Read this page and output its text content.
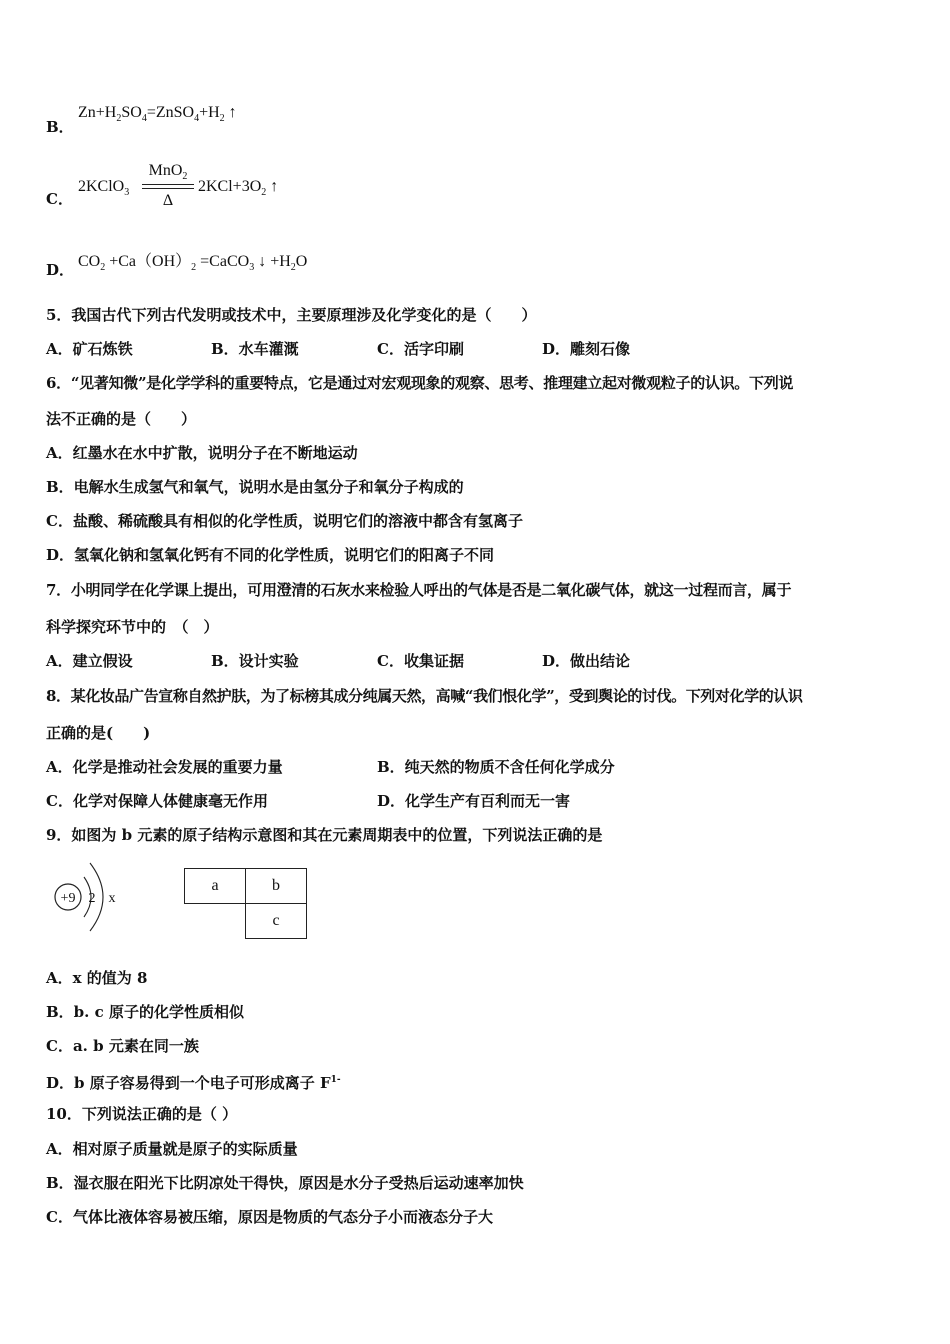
B．
$Zn+H_2SO_4=ZnSO_4+H_2$ ↑
C．
2KClO$_3$
MnO$_2$
Δ
$2KCl+3O_2$ ↑
D． $CO_2 +Ca(OH)_2$ =CaCO$_3$ ↓ $+H_2O$
5．我国古代下列古代发明或技术中，主要原理涉及化学变化的是（　　）
A．矿石炼铁	B．水车灌溉	C．活字印刷	D．雕刻石像
6．“见著知微”是化学学科的重要特点，它是通过对宏观现象的观察、思考、推理建立起对微观粒子的认识。下列说
法不正确的是（　　）
A．红墨水在水中扩散，说明分子在不断地运动
B．电解水生成氢气和氧气，说明水是由氢分子和氧分子构成的
C．盐酸、稀硫酸具有相似的化学性质，说明它们的溶液中都含有氢离子
D．氢氧化钠和氢氧化钙有不同的化学性质，说明它们的阳离子不同
7．小明同学在化学课上提出，可用澄清的石灰水来检验人呼出的气体是否是二氧化碳气体，就这一过程而言，属于
科学探究环节中的　（　）
A．建立假设	B．设计实验	C．收集证据	D．做出结论
8．某化妆品广告宣称自然护肤，为了标榜其成分纯属天然，高喊“我们恨化学”，受到舆论的讨伐。下列对化学的认识
正确的是(　　)
A．化学是推动社会发展的重要力量	B．纯天然的物质不含任何化学成分
C．化学对保障人体健康毫无作用	D．化学生产有百利而无一害
9．如图为 b 元素的原子结构示意图和其在元素周期表中的位置，下列说法正确的是
+9 2 x
a	b
	c
A．x 的值为 8
B．b. c 原子的化学性质相似
C．a. b 元素在同一族
D．b 原子容易得到一个电子可形成离子 $F^{1-}$
10．下列说法正确的是（ ）
A．相对原子质量就是原子的实际质量
B．湿衣服在阳光下比阴凉处干得快，原因是水分子受热后运动速率加快
C．气体比液体容易被压缩，原因是物质的气态分子小而液态分子大
